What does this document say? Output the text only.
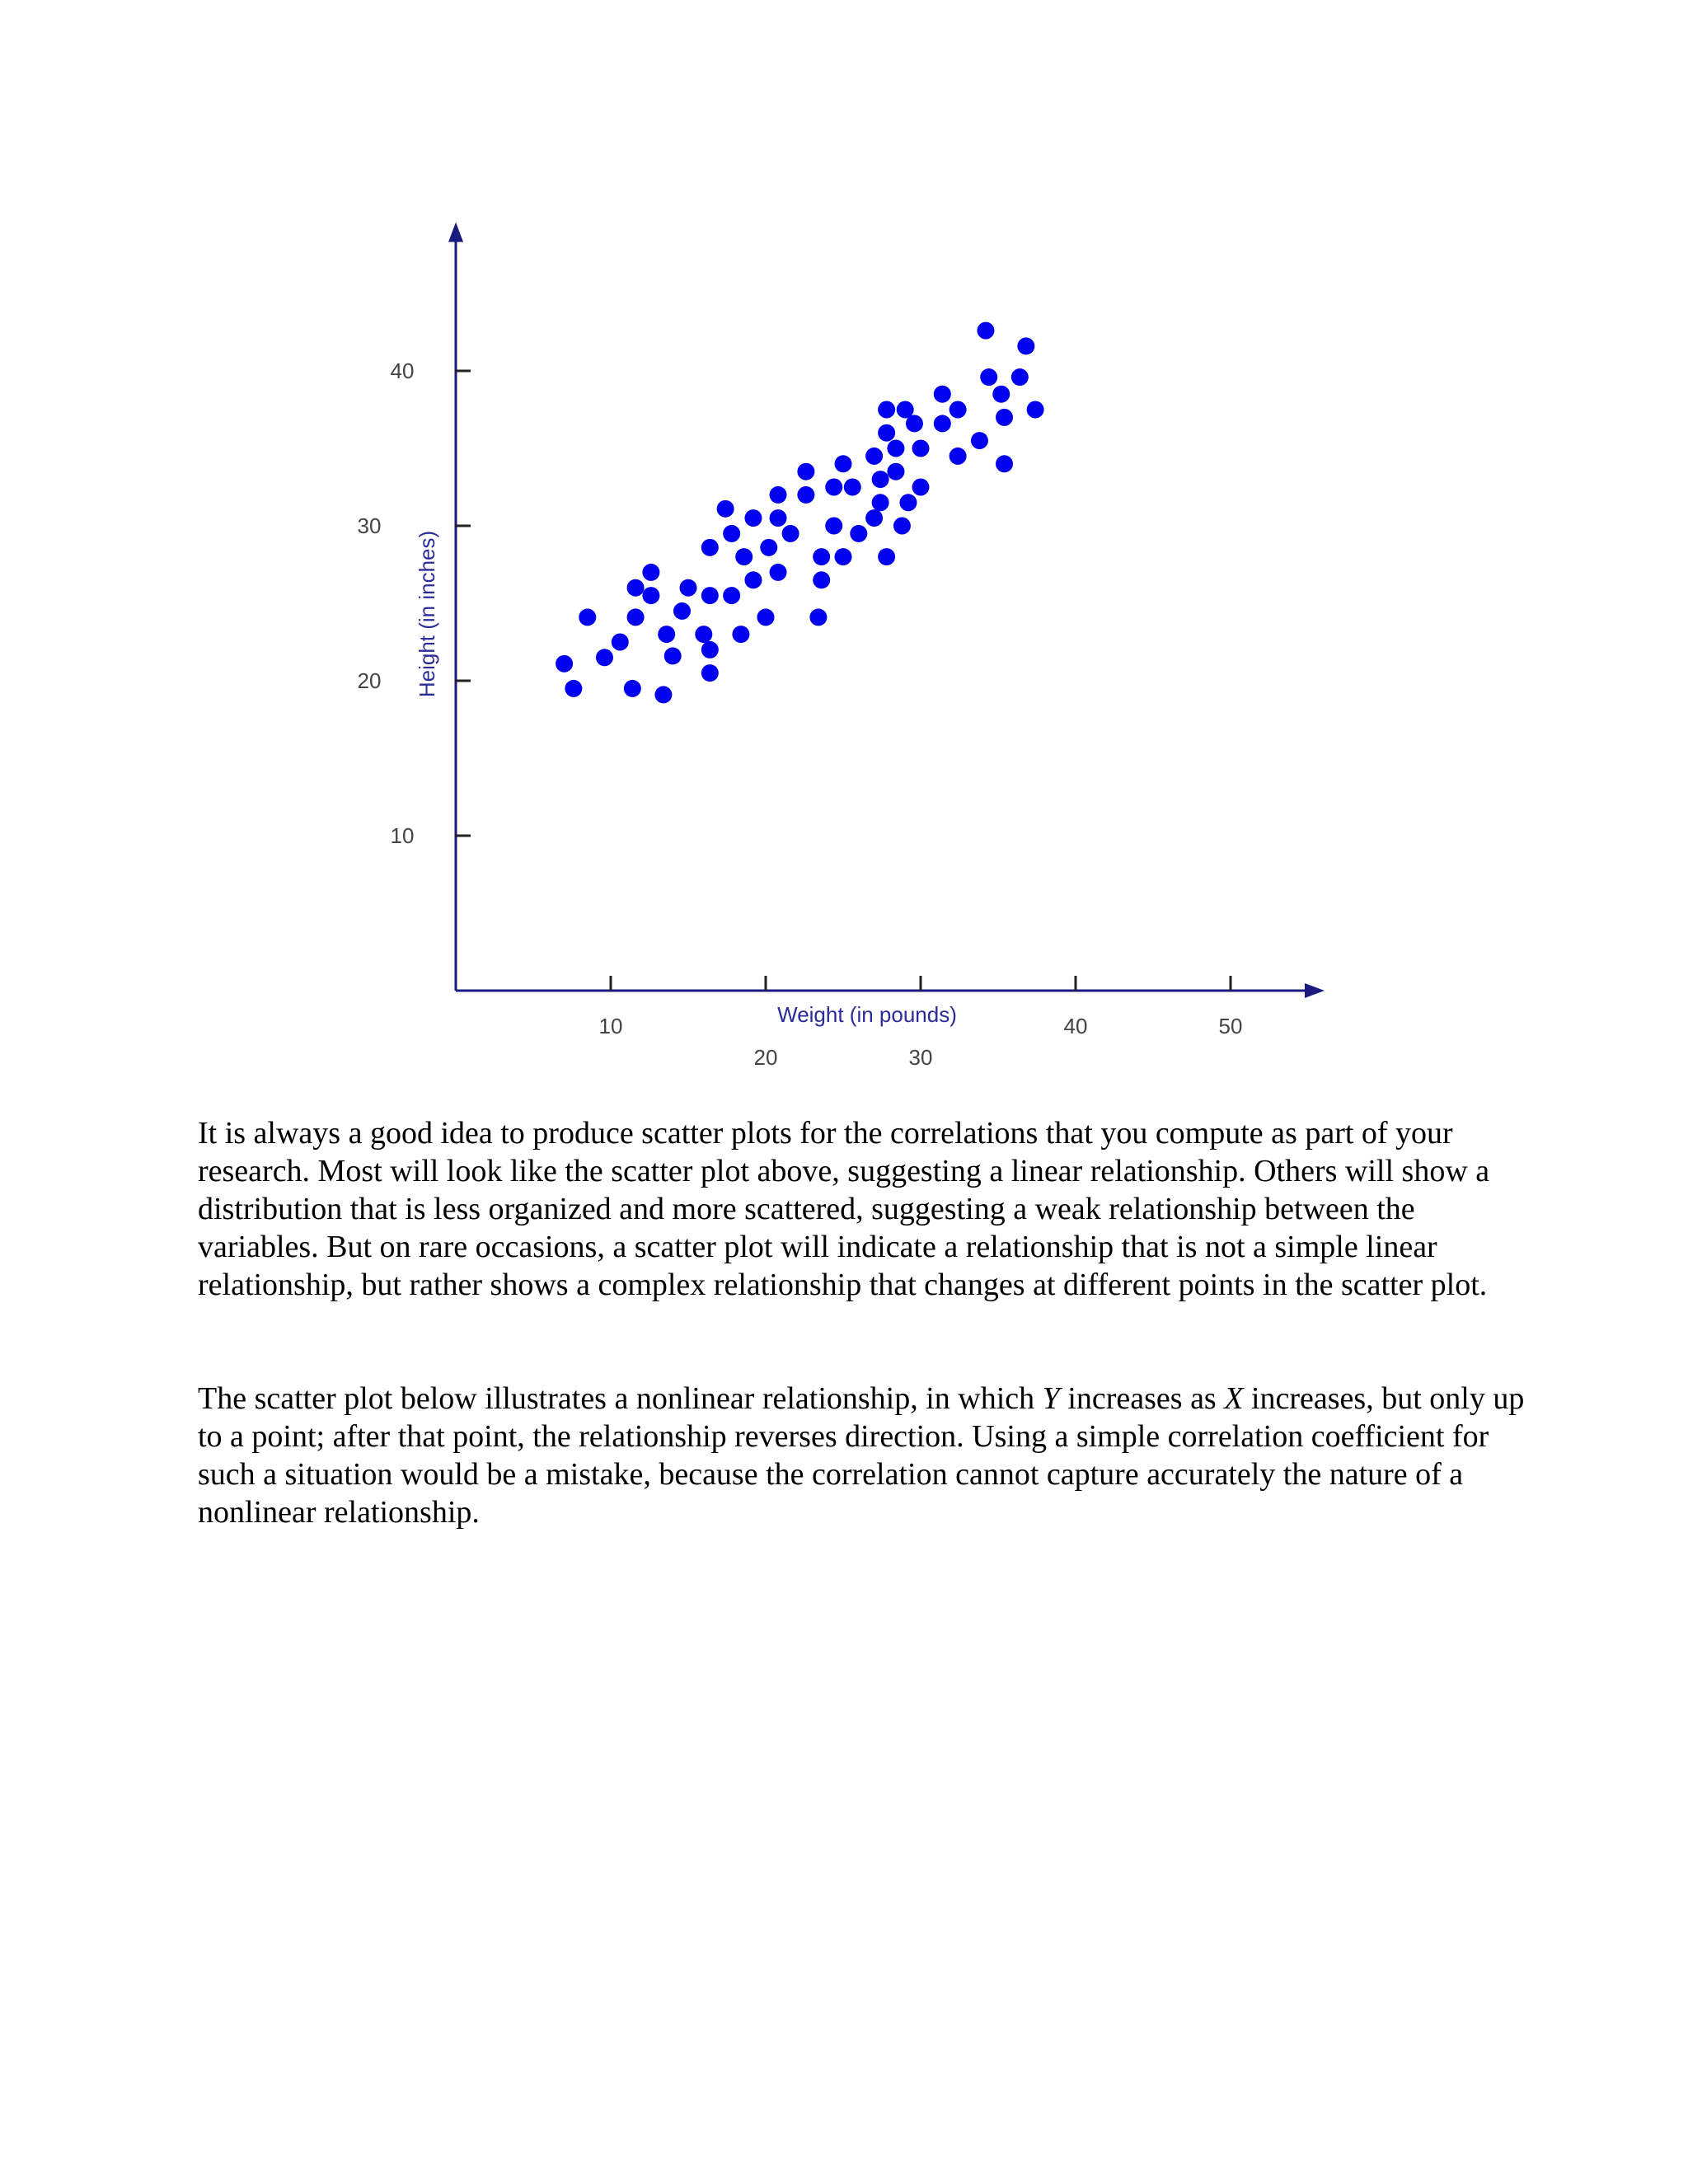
10
20	30
40	50
10
20
30
40
Height (in inches)
Weight (in pounds)

It is always a good idea to produce scatter plots for the correlations that you compute as part of your research. Most will look like the scatter plot above, suggesting a linear relationship. Others will show a distribution that is less organized and more scattered, suggesting a weak relationship between the variables. But on rare occasions, a scatter plot will indicate a relationship that is not a simple linear relationship, but rather shows a complex relationship that changes at different points in the scatter plot.

The scatter plot below illustrates a nonlinear relationship, in which Y increases as X increases, but only up to a point; after that point, the relationship reverses direction. Using a simple correlation coefficient for such a situation would be a mistake, because the correlation cannot capture accurately the nature of a nonlinear relationship.
